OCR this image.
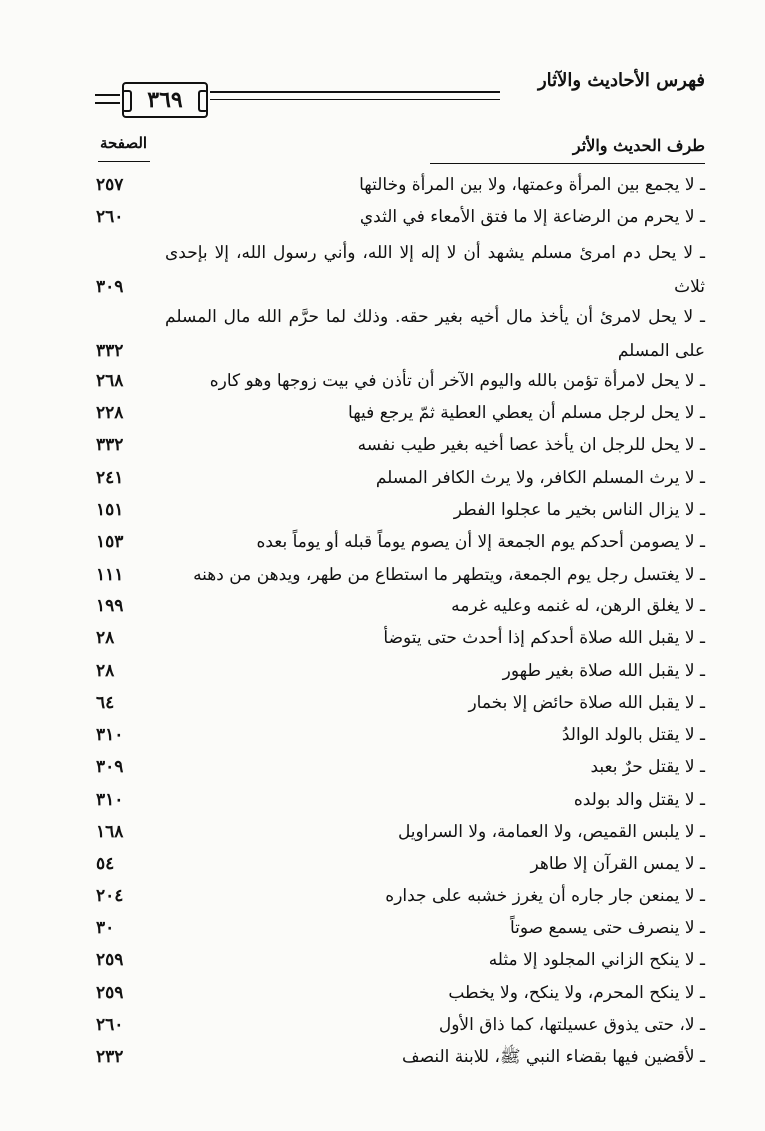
فهرس الأحاديث والآثار
٣٦٩
طرف الحديث والأثر
الصفحة
ـ لا يجمع بين المرأة وعمتها، ولا بين المرأة وخالتها
٢٥٧
ـ لا يحرم من الرضاعة إلا ما فتق الأمعاء في الثدي
٢٦٠
ـ لا يحل دم امرئ مسلم يشهد أن لا إله إلا الله، وأني رسول الله، إلا بإحدى ثلاث
٣٠٩
ـ لا يحل لامرئ أن يأخذ مال أخيه بغير حقه. وذلك لما حرَّم الله مال المسلم على المسلم
٣٣٢
ـ لا يحل لامرأة تؤمن بالله واليوم الآخر أن تأذن في بيت زوجها وهو كاره
٢٦٨
ـ لا يحل لرجل مسلم أن يعطي العطية ثمّ يرجع فيها
٢٢٨
ـ لا يحل للرجل ان يأخذ عصا أخيه بغير طيب نفسه
٣٣٢
ـ لا يرث المسلم الكافر، ولا يرث الكافر المسلم
٢٤١
ـ لا يزال الناس بخير ما عجلوا الفطر
١٥١
ـ لا يصومن أحدكم يوم الجمعة إلا أن يصوم يوماً قبله أو يوماً بعده
١٥٣
ـ لا يغتسل رجل يوم الجمعة، ويتطهر ما استطاع من طهر، ويدهن من دهنه
١١١
ـ لا يغلق الرهن، له غنمه وعليه غرمه
١٩٩
ـ لا يقبل الله صلاة أحدكم إذا أحدث حتى يتوضأ
٢٨
ـ لا يقبل الله صلاة بغير طهور
٢٨
ـ لا يقبل الله صلاة حائض إلا بخمار
٦٤
ـ لا يقتل بالولد الوالدُ
٣١٠
ـ لا يقتل حرٌ بعبد
٣٠٩
ـ لا يقتل والد بولده
٣١٠
ـ لا يلبس القميص، ولا العمامة، ولا السراويل
١٦٨
ـ لا يمس القرآن إلا طاهر
٥٤
ـ لا يمنعن جار جاره أن يغرز خشبه على جداره
٢٠٤
ـ لا ينصرف حتى يسمع صوتاً
٣٠
ـ لا ينكح الزاني المجلود إلا مثله
٢٥٩
ـ لا ينكح المحرم، ولا ينكح، ولا يخطب
٢٥٩
ـ لا، حتى يذوق عسيلتها، كما ذاق الأول
٢٦٠
ـ لأقضين فيها بقضاء النبي ﷺ، للابنة النصف
٢٣٢
